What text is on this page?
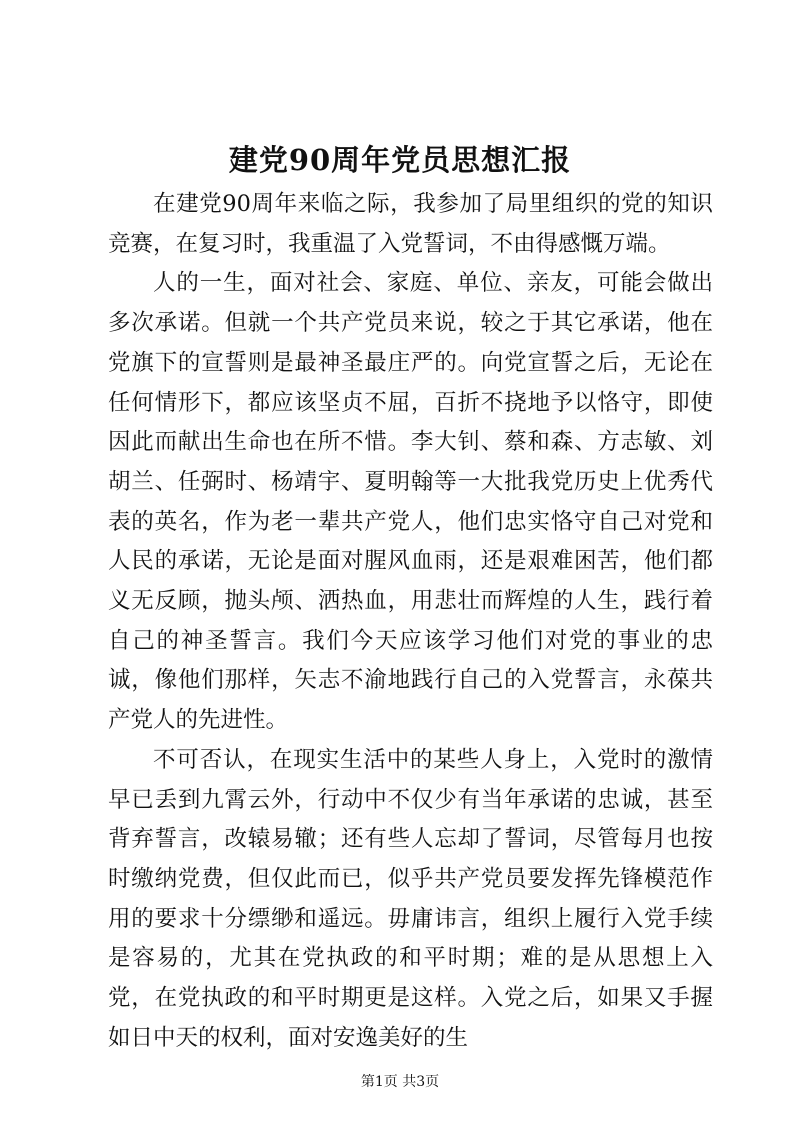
建党90周年党员思想汇报

在建党90周年来临之际，我参加了局里组织的党的知识竞赛，在复习时，我重温了入党誓词，不由得感慨万端。

人的一生，面对社会、家庭、单位、亲友，可能会做出多次承诺。但就一个共产党员来说，较之于其它承诺，他在党旗下的宣誓则是最神圣最庄严的。向党宣誓之后，无论在任何情形下，都应该坚贞不屈，百折不挠地予以恪守，即使因此而献出生命也在所不惜。李大钊、蔡和森、方志敏、刘胡兰、任弼时、杨靖宇、夏明翰等一大批我党历史上优秀代表的英名，作为老一辈共产党人，他们忠实恪守自己对党和人民的承诺，无论是面对腥风血雨，还是艰难困苦，他们都义无反顾，抛头颅、洒热血，用悲壮而辉煌的人生，践行着自己的神圣誓言。我们今天应该学习他们对党的事业的忠诚，像他们那样，矢志不渝地践行自己的入党誓言，永葆共产党人的先进性。

不可否认，在现实生活中的某些人身上，入党时的激情早已丢到九霄云外，行动中不仅少有当年承诺的忠诚，甚至背弃誓言，改辕易辙；还有些人忘却了誓词，尽管每月也按时缴纳党费，但仅此而已，似乎共产党员要发挥先锋模范作用的要求十分缥缈和遥远。毋庸讳言，组织上履行入党手续是容易的，尤其在党执政的和平时期；难的是从思想上入党，在党执政的和平时期更是这样。入党之后，如果又手握如日中天的权利，面对安逸美好的生

第1页 共3页
